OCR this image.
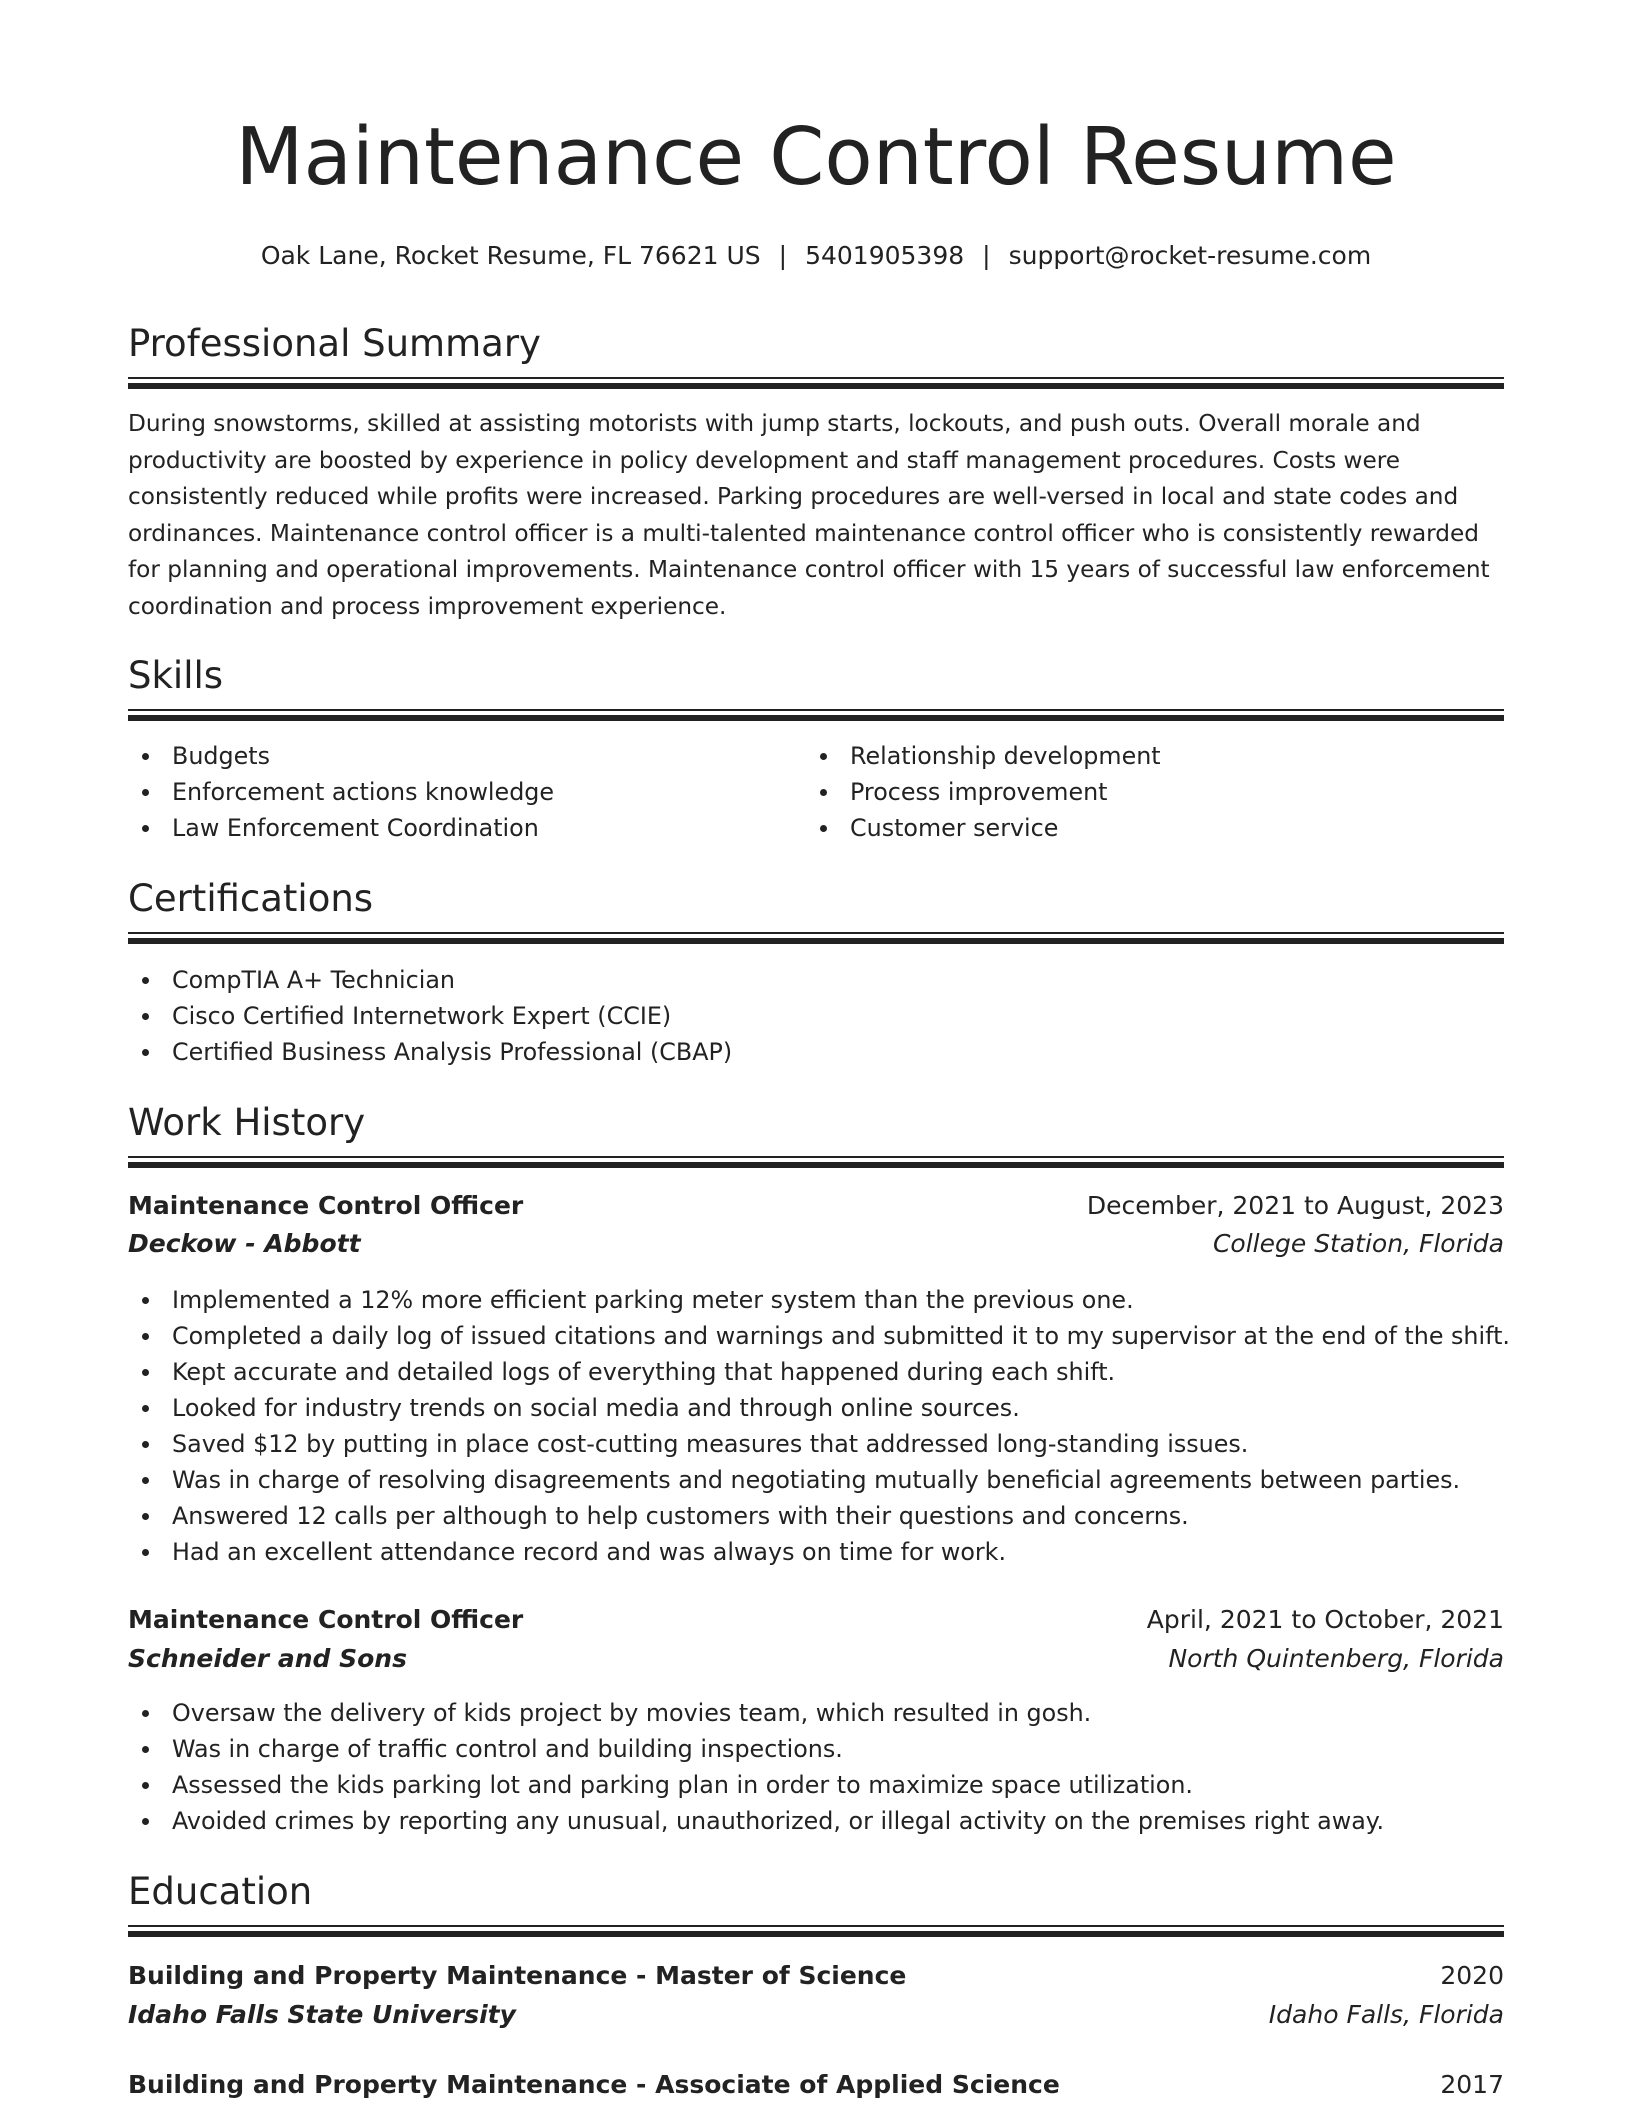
Maintenance Control Resume
Oak Lane, Rocket Resume, FL 76621 US | 5401905398 | support@rocket-resume.com
Professional Summary
During snowstorms, skilled at assisting motorists with jump starts, lockouts, and push outs. Overall morale and
productivity are boosted by experience in policy development and staff management procedures. Costs were
consistently reduced while profits were increased. Parking procedures are well-versed in local and state codes and
ordinances. Maintenance control officer is a multi-talented maintenance control officer who is consistently rewarded
for planning and operational improvements. Maintenance control officer with 15 years of successful law enforcement
coordination and process improvement experience.
Skills
Budgets
Enforcement actions knowledge
Law Enforcement Coordination
Relationship development
Process improvement
Customer service
Certifications
CompTIA A+ Technician
Cisco Certified Internetwork Expert (CCIE)
Certified Business Analysis Professional (CBAP)
Work History
Maintenance Control Officer	December, 2021 to August, 2023
Deckow - Abbott	College Station, Florida
Implemented a 12% more efficient parking meter system than the previous one.
Completed a daily log of issued citations and warnings and submitted it to my supervisor at the end of the shift.
Kept accurate and detailed logs of everything that happened during each shift.
Looked for industry trends on social media and through online sources.
Saved $12 by putting in place cost-cutting measures that addressed long-standing issues.
Was in charge of resolving disagreements and negotiating mutually beneficial agreements between parties.
Answered 12 calls per although to help customers with their questions and concerns.
Had an excellent attendance record and was always on time for work.
Maintenance Control Officer	April, 2021 to October, 2021
Schneider and Sons	North Quintenberg, Florida
Oversaw the delivery of kids project by movies team, which resulted in gosh.
Was in charge of traffic control and building inspections.
Assessed the kids parking lot and parking plan in order to maximize space utilization.
Avoided crimes by reporting any unusual, unauthorized, or illegal activity on the premises right away.
Education
Building and Property Maintenance - Master of Science	2020
Idaho Falls State University	Idaho Falls, Florida
Building and Property Maintenance - Associate of Applied Science	2017
